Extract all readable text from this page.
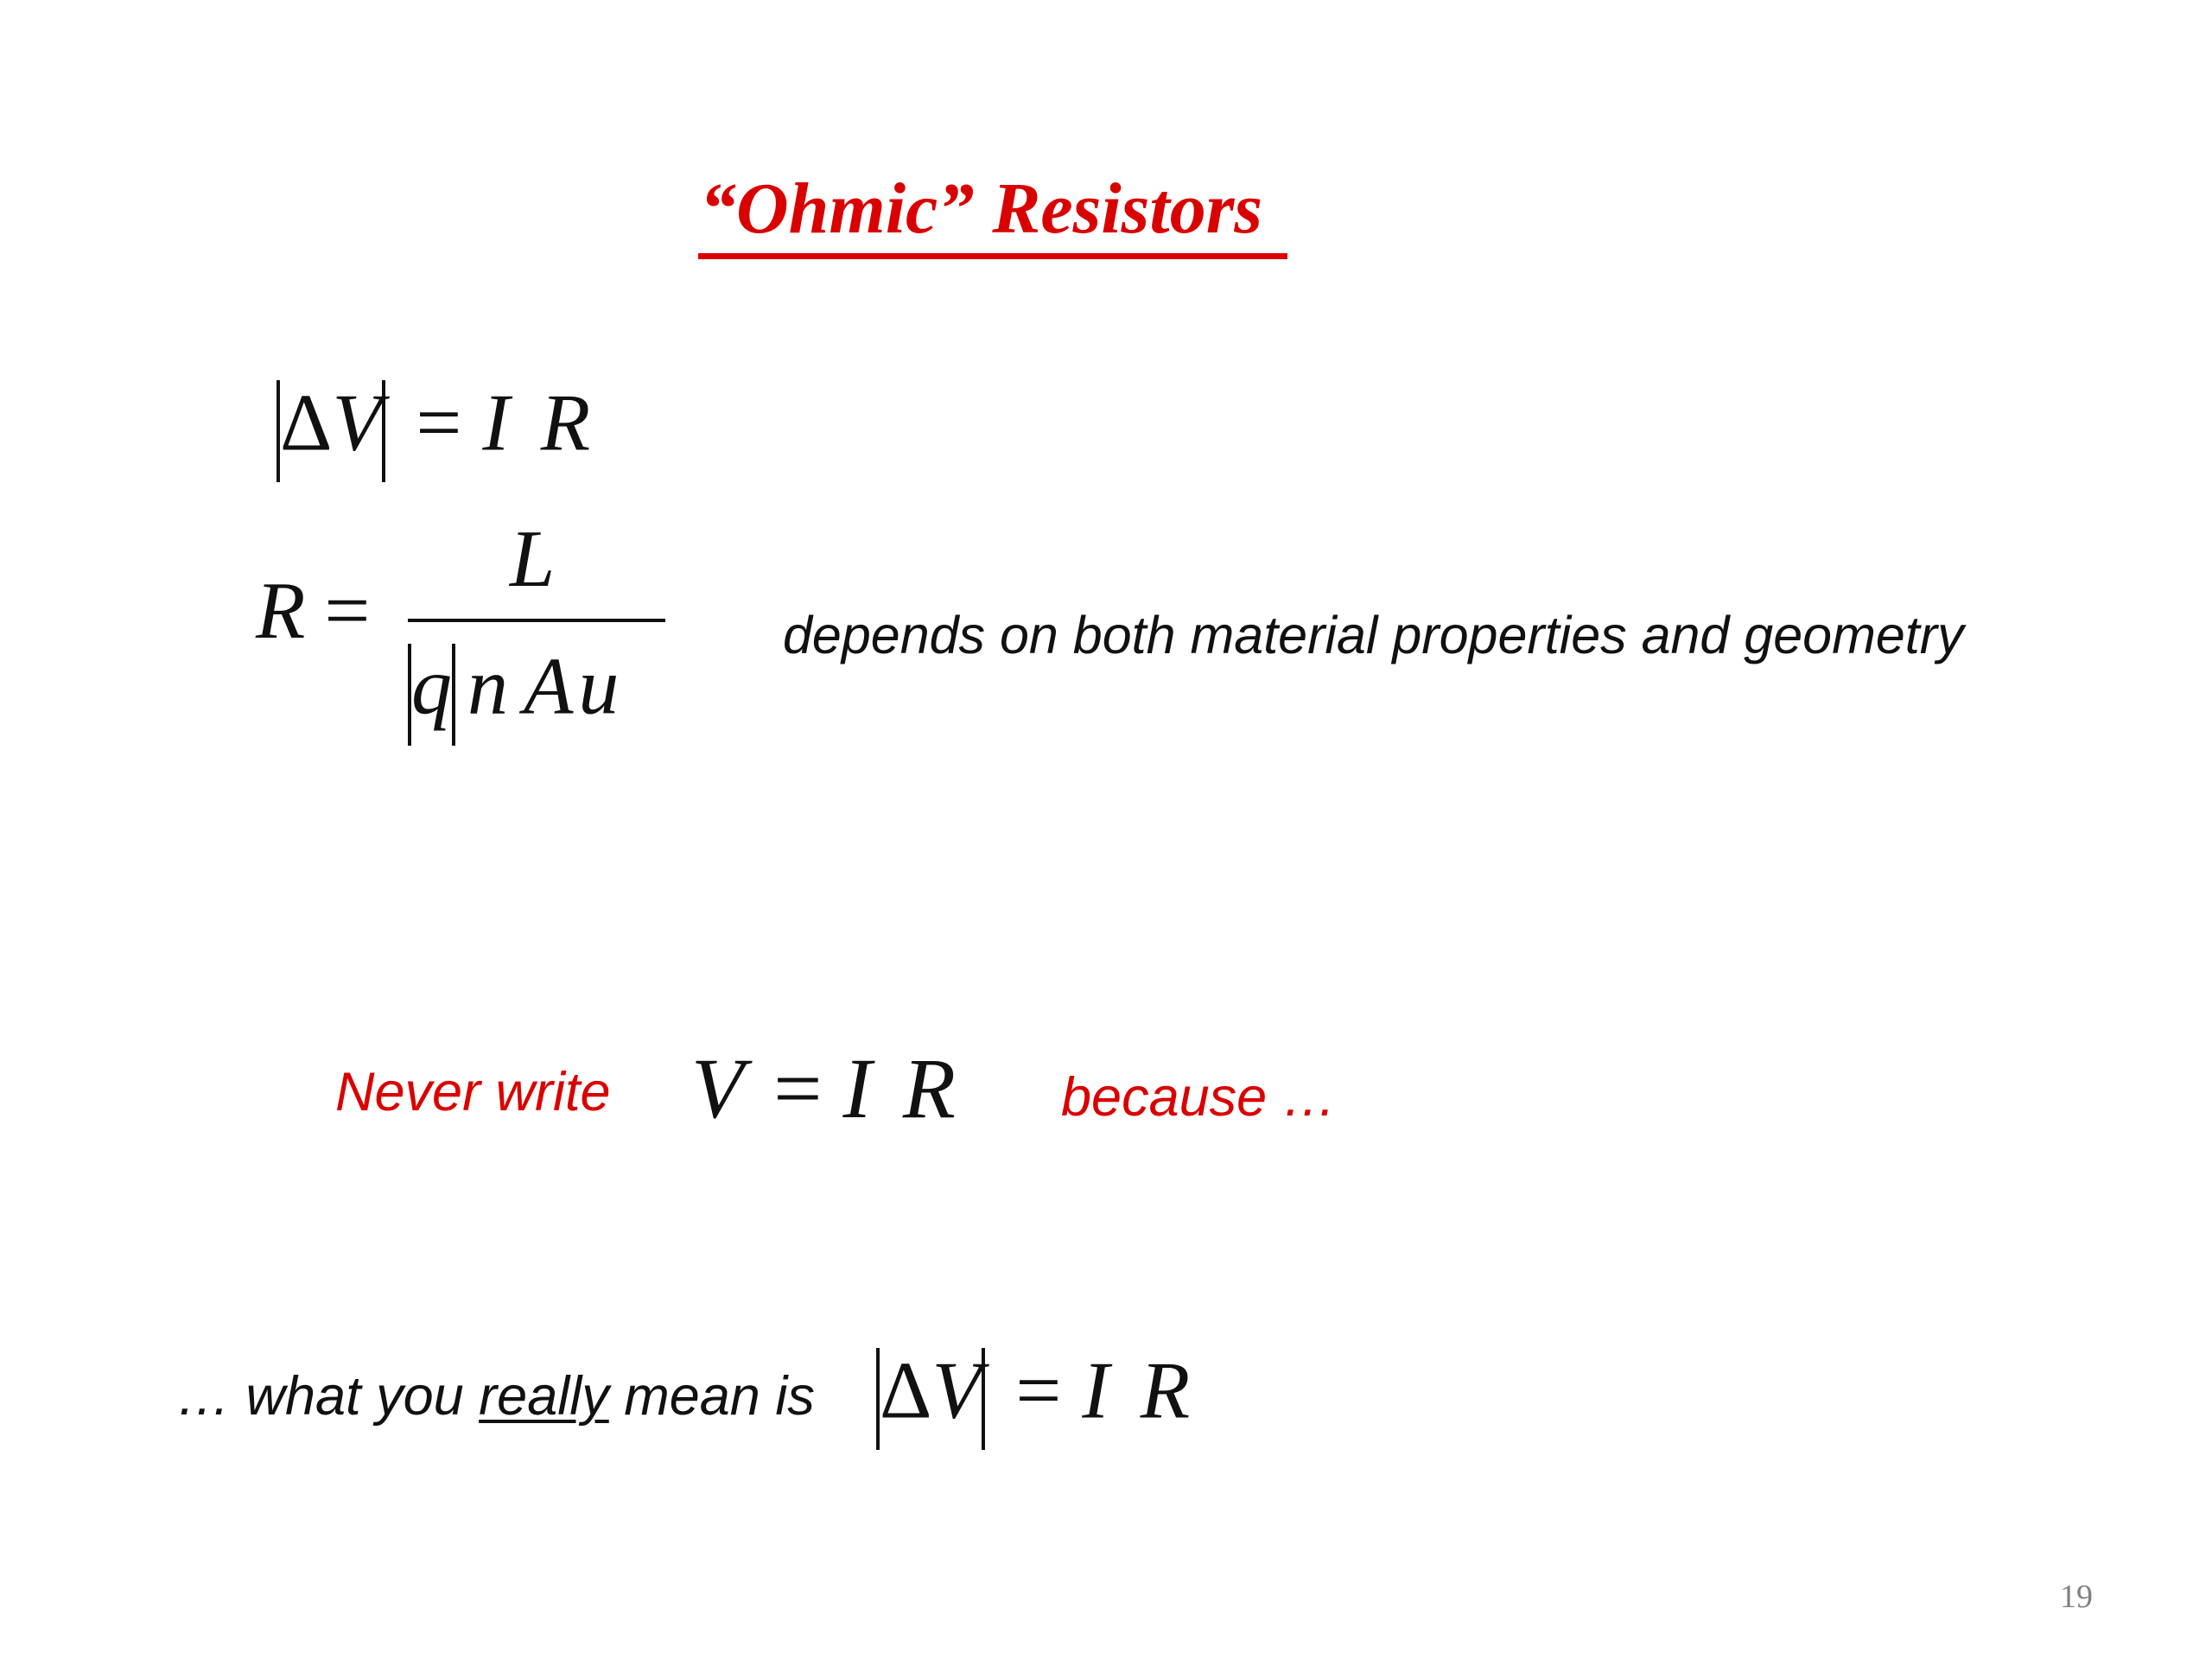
“Ohmic” Resistors
ΔV = I R
R =
L
q n Au
depends on both material properties and geometry
Never write V = I R because …
… what you really mean is ΔV = I R
19
